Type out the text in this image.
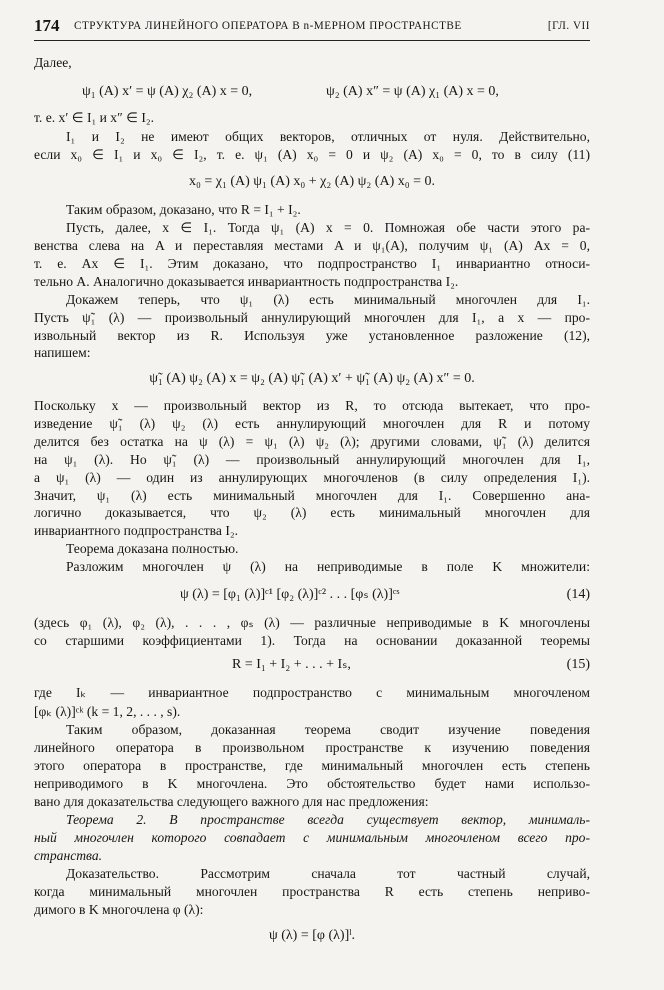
174 СТРУКТУРА ЛИНЕЙНОГО ОПЕРАТОРА В n-МЕРНОМ ПРОСТРАНСТВЕ	[ГЛ. VII
Далее,
ψ₁ (A) x′ = ψ (A) χ₂ (A) x = 0,	ψ₂ (A) x″ = ψ (A) χ₁ (A) x = 0,
т. е. x′ ∈ I₁ и x″ ∈ I₂.
I₁ и I₂ не имеют общих векторов, отличных от нуля. Действительно,
если x₀ ∈ I₁ и x₀ ∈ I₂, т. е. ψ₁ (A) x₀ = 0 и ψ₂ (A) x₀ = 0, то в силу (11)
x₀ = χ₁ (A) ψ₁ (A) x₀ + χ₂ (A) ψ₂ (A) x₀ = 0.
Таким образом, доказано, что R = I₁ + I₂.
Пусть, далее, x ∈ I₁. Тогда ψ₁ (A) x = 0. Помножая обе части этого ра-
венства слева на A и переставляя местами A и ψ₁(A), получим ψ₁ (A) Ax = 0,
т. е. Ax ∈ I₁. Этим доказано, что подпространство I₁ инвариантно относи-
тельно A. Аналогично доказывается инвариантность подпространства I₂.
Докажем теперь, что ψ₁ (λ) есть минимальный многочлен для I₁.
Пусть ψ̃₁ (λ) — произвольный аннулирующий многочлен для I₁, а x — про-
извольный вектор из R. Используя уже установленное разложение (12),
напишем:
ψ̃₁ (A) ψ₂ (A) x = ψ₂ (A) ψ̃₁ (A) x′ + ψ̃₁ (A) ψ₂ (A) x″ = 0.
Поскольку x — произвольный вектор из R, то отсюда вытекает, что про-
изведение ψ̃₁ (λ) ψ₂ (λ) есть аннулирующий многочлен для R и потому
делится без остатка на ψ (λ) = ψ₁ (λ) ψ₂ (λ); другими словами, ψ̃₁ (λ) делится
на ψ₁ (λ). Но ψ̃₁ (λ) — произвольный аннулирующий многочлен для I₁,
а ψ₁ (λ) — один из аннулирующих многочленов (в силу определения I₁).
Значит, ψ₁ (λ) есть минимальный многочлен для I₁. Совершенно ана-
логично доказывается, что ψ₂ (λ) есть минимальный многочлен для
инвариантного подпространства I₂.
Теорема доказана полностью.
Разложим многочлен ψ (λ) на неприводимые в поле K множители:
ψ (λ) = [φ₁ (λ)]ᶜ¹ [φ₂ (λ)]ᶜ² . . . [φₛ (λ)]ᶜˢ	(14)
(здесь φ₁ (λ), φ₂ (λ), . . . , φₛ (λ) — различные неприводимые в K многочлены
со старшими коэффициентами 1). Тогда на основании доказанной теоремы
R = I₁ + I₂ + . . . + Iₛ,	(15)
где Iₖ — инвариантное подпространство с минимальным многочленом
[φₖ (λ)]ᶜᵏ (k = 1, 2, . . . , s).
Таким образом, доказанная теорема сводит изучение поведения
линейного оператора в произвольном пространстве к изучению поведения
этого оператора в пространстве, где минимальный многочлен есть степень
неприводимого в K многочлена. Это обстоятельство будет нами использо-
вано для доказательства следующего важного для нас предложения:
Теорема 2. В пространстве всегда существует вектор, минималь-
ный многочлен которого совпадает с минимальным многочленом всего про-
странства.
Доказательство. Рассмотрим сначала тот частный случай,
когда минимальный многочлен пространства R есть степень неприво-
димого в K многочлена φ (λ):
ψ (λ) = [φ (λ)]ˡ.
